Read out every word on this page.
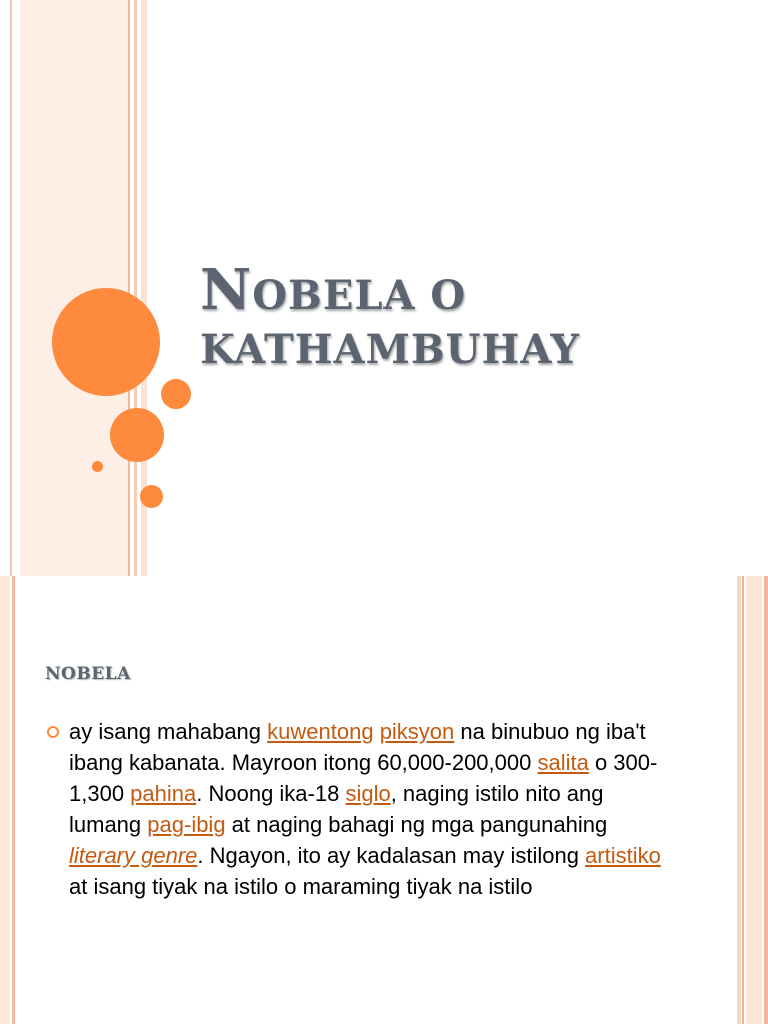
NOBELA O
KATHAMBUHAY
NOBELA
ay isang mahabang kuwentong piksyon na binubuo ng iba't ibang kabanata. Mayroon itong 60,000-200,000 salita o 300-1,300 pahina. Noong ika-18 siglo, naging istilo nito ang lumang pag-ibig at naging bahagi ng mga pangunahing literary genre. Ngayon, ito ay kadalasan may istilong artistiko at isang tiyak na istilo o maraming tiyak na istilo
